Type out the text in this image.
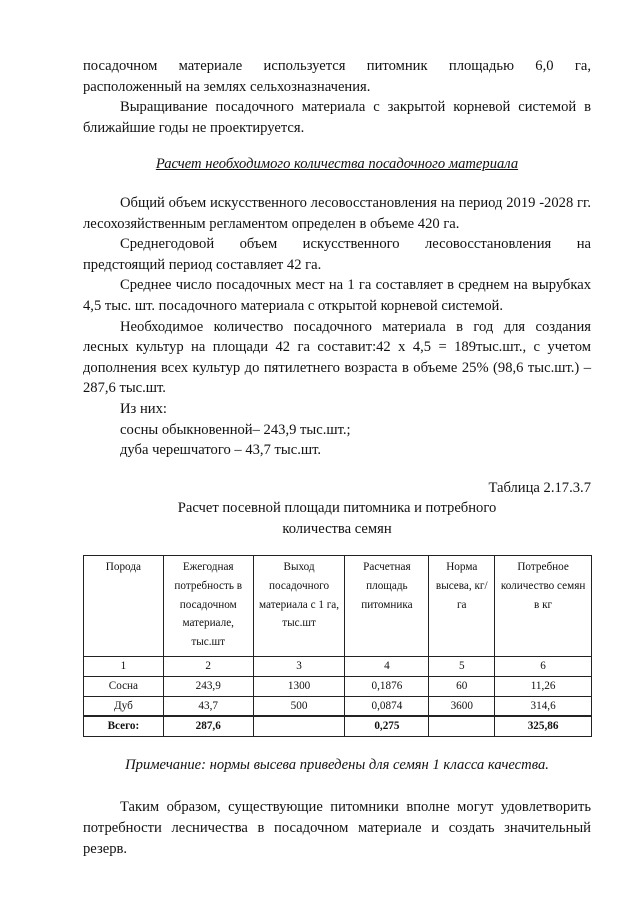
посадочном материале используется питомник площадью 6,0 га,

расположенный на землях сельхозназначения.

Выращивание посадочного материала с закрытой корневой системой в ближайшие годы не проектируется.

Расчет необходимого количества посадочного материала

Общий объем искусственного лесовосстановления на период 2019 -2028 гг. лесохозяйственным регламентом определен в объеме 420 га.

Среднегодовой объем искусственного лесовосстановления на

предстоящий период составляет 42 га.

Среднее число посадочных мест на 1 га составляет в среднем на вырубках 4,5 тыс. шт. посадочного материала с открытой корневой системой.

Необходимое количество посадочного материала в год для создания лесных культур на площади 42 га составит:42 х 4,5 = 189тыс.шт., с учетом дополнения всех культур до пятилетнего возраста в объеме 25% (98,6 тыс.шт.) – 287,6 тыс.шт.

Из них:

сосны обыкновенной– 243,9 тыс.шт.;

дуба черешчатого – 43,7 тыс.шт.

Таблица 2.17.3.7

Расчет посевной площади питомника и потребного

количества семян

Порода	Ежегодная потребность в посадочном материале, тыс.шт	Выход посадочного материала с 1 га, тыс.шт	Расчетная площадь питомника	Норма высева, кг/га	Потребное количество семян в кг
1	2	3	4	5	6
Сосна	243,9	1300	0,1876	60	11,26
Дуб	43,7	500	0,0874	3600	314,6
Всего:	287,6		0,275		325,86

Примечание: нормы высева приведены для семян 1 класса качества.

Таким образом, существующие питомники вполне могут удовлетворить потребности лесничества в посадочном материале и создать значительный резерв.
